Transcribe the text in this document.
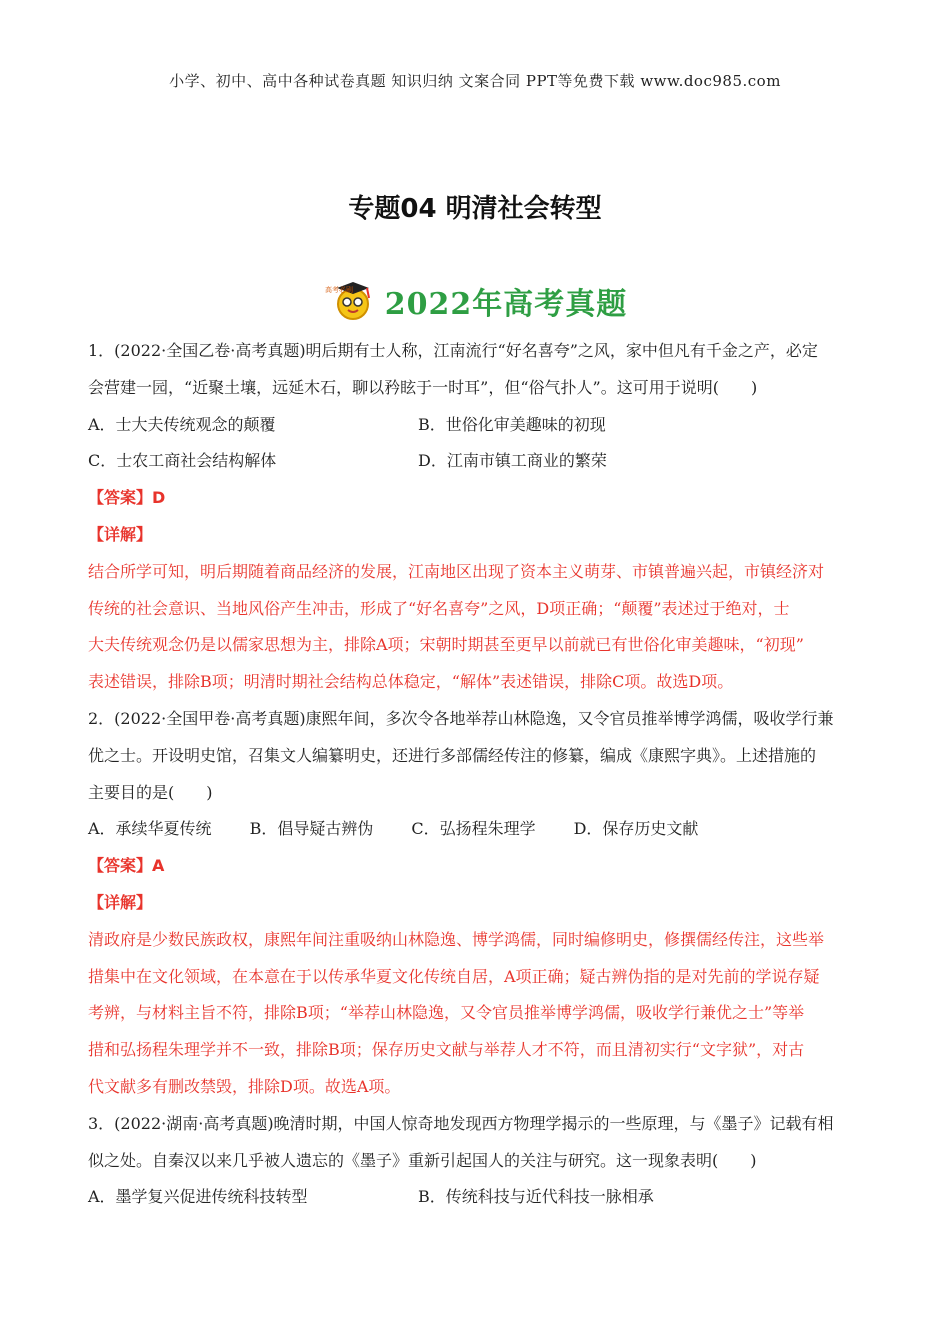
小学、初中、高中各种试卷真题 知识归纳 文案合同 PPT等免费下载 www.doc985.com
专题04 明清社会转型
高考必刷 2022年高考真题

1．(2022·全国乙卷·高考真题)明后期有士人称，江南流行“好名喜夸”之风，家中但凡有千金之产，必定

会营建一园，“近聚土壤，远延木石，聊以矜眩于一时耳”，但“俗气扑人”。这可用于说明(　　)

A．士大夫传统观念的颠覆	B．世俗化审美趣味的初现
C．士农工商社会结构解体	D．江南市镇工商业的繁荣

【答案】D

【详解】

结合所学可知，明后期随着商品经济的发展，江南地区出现了资本主义萌芽、市镇普遍兴起，市镇经济对

传统的社会意识、当地风俗产生冲击，形成了“好名喜夸”之风，D项正确；“颠覆”表述过于绝对，士

大夫传统观念仍是以儒家思想为主，排除A项；宋朝时期甚至更早以前就已有世俗化审美趣味，“初现”

表述错误，排除B项；明清时期社会结构总体稳定，“解体”表述错误，排除C项。故选D项。

2．(2022·全国甲卷·高考真题)康熙年间，多次令各地举荐山林隐逸，又令官员推举博学鸿儒，吸收学行兼

优之士。开设明史馆，召集文人编纂明史，还进行多部儒经传注的修纂，编成《康熙字典》。上述措施的

主要目的是(　　)

A．承续华夏传统 B．倡导疑古辨伪 C．弘扬程朱理学 D．保存历史文献

【答案】A

【详解】

清政府是少数民族政权，康熙年间注重吸纳山林隐逸、博学鸿儒，同时编修明史，修撰儒经传注，这些举

措集中在文化领域，在本意在于以传承华夏文化传统自居，A项正确；疑古辨伪指的是对先前的学说存疑

考辨，与材料主旨不符，排除B项；“举荐山林隐逸，又令官员推举博学鸿儒，吸收学行兼优之士”等举

措和弘扬程朱理学并不一致，排除B项；保存历史文献与举荐人才不符，而且清初实行“文字狱”，对古

代文献多有删改禁毁，排除D项。故选A项。

3．(2022·湖南·高考真题)晚清时期，中国人惊奇地发现西方物理学揭示的一些原理，与《墨子》记载有相

似之处。自秦汉以来几乎被人遗忘的《墨子》重新引起国人的关注与研究。这一现象表明(　　)

A．墨学复兴促进传统科技转型	B．传统科技与近代科技一脉相承
